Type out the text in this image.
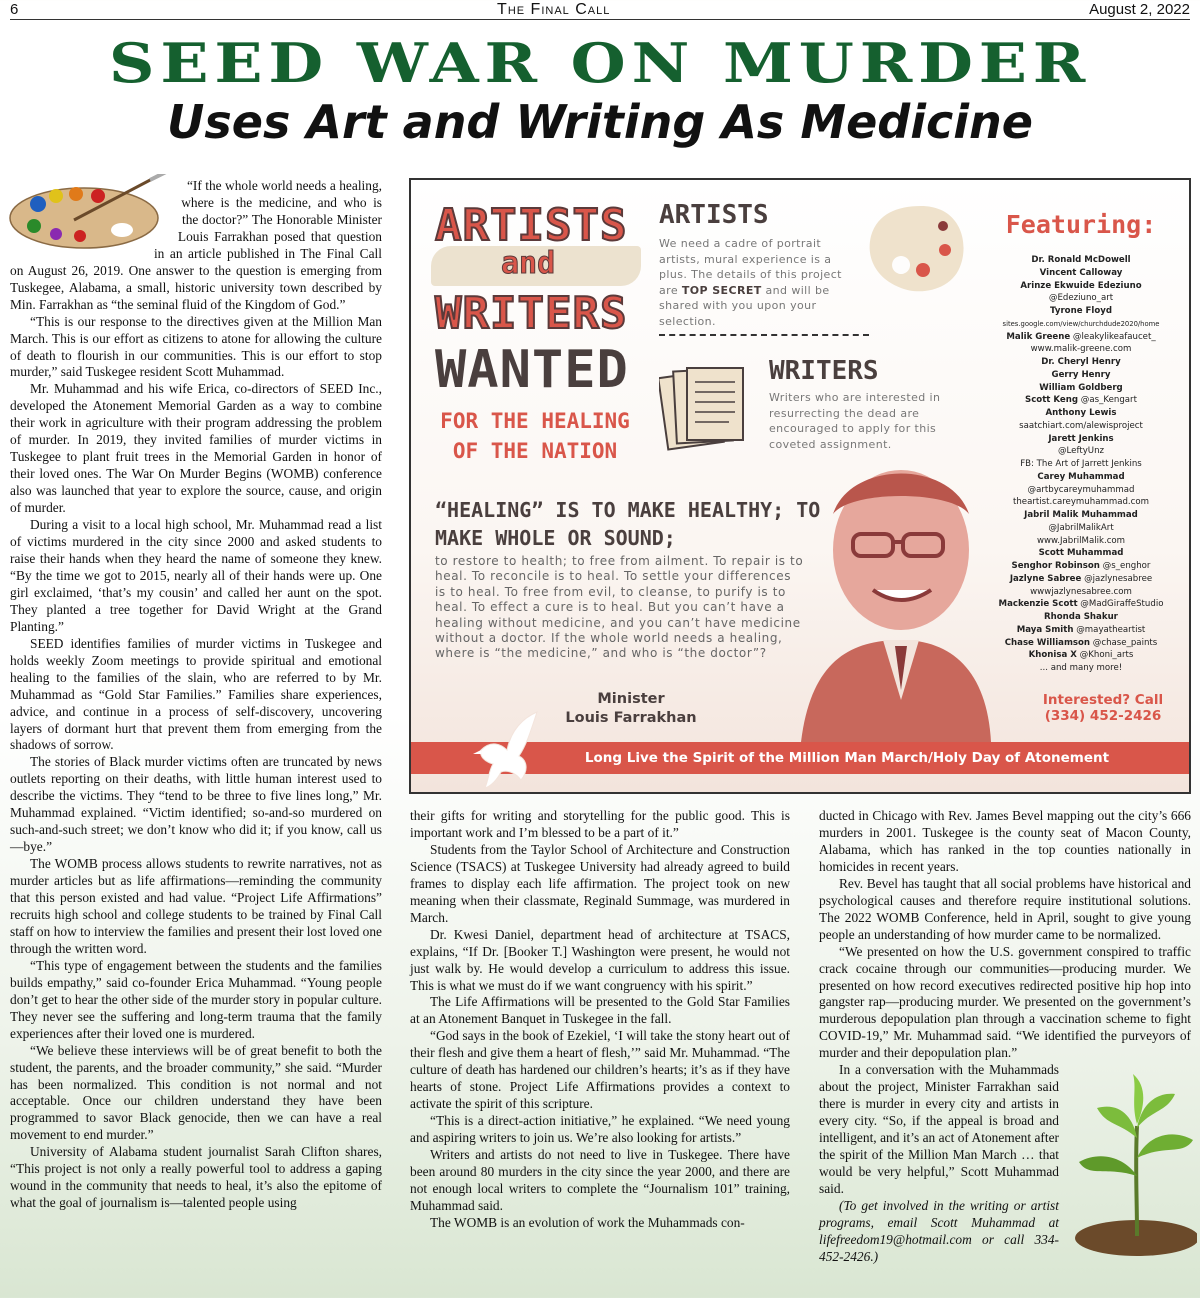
6	The Final Call	August 2, 2022
SEED WAR ON MURDER
Uses Art and Writing As Medicine

“If the whole world needs a healing, where is the medicine, and who is the doctor?” The Honorable Minister Louis Farrakhan posed that question in an article published in The Final Call on August 26, 2019. One answer to the question is emerging from Tuskegee, Alabama, a small, historic university town described by Min. Farrakhan as “the seminal fluid of the Kingdom of God.”

“This is our response to the directives given at the Million Man March. This is our effort as citizens to atone for allowing the culture of death to flourish in our communities. This is our effort to stop murder,” said Tuskegee resident Scott Muhammad.

Mr. Muhammad and his wife Erica, co-directors of SEED Inc., developed the Atonement Memorial Garden as a way to combine their work in agriculture with their program addressing the problem of murder. In 2019, they invited families of murder victims in Tuskegee to plant fruit trees in the Memorial Garden in honor of their loved ones. The War On Murder Begins (WOMB) conference also was launched that year to explore the source, cause, and origin of murder.

During a visit to a local high school, Mr. Muhammad read a list of victims murdered in the city since 2000 and asked students to raise their hands when they heard the name of someone they knew. “By the time we got to 2015, nearly all of their hands were up. One girl exclaimed, ‘that’s my cousin’ and called her aunt on the spot. They planted a tree together for David Wright at the Grand Planting.”

SEED identifies families of murder victims in Tuskegee and holds weekly Zoom meetings to provide spiritual and emotional healing to the families of the slain, who are referred to by Mr. Muhammad as “Gold Star Families.” Families share experiences, advice, and continue in a process of self-discovery, uncovering layers of dormant hurt that prevent them from emerging from the shadows of sorrow.

The stories of Black murder victims often are truncated by news outlets reporting on their deaths, with little human interest used to describe the victims. They “tend to be three to five lines long,” Mr. Muhammad explained. “Victim identified; so-and-so murdered on such-and-such street; we don’t know who did it; if you know, call us—bye.”

The WOMB process allows students to rewrite narratives, not as murder articles but as life affirmations—reminding the community that this person existed and had value. “Project Life Affirmations” recruits high school and college students to be trained by Final Call staff on how to interview the families and present their lost loved one through the written word.

“This type of engagement between the students and the families builds empathy,” said co-founder Erica Muhammad. “Young people don’t get to hear the other side of the murder story in popular culture. They never see the suffering and long-term trauma that the family experiences after their loved one is murdered.

“We believe these interviews will be of great benefit to both the student, the parents, and the broader community,” she said. “Murder has been normalized. This condition is not normal and not acceptable. Once our children understand they have been programmed to savor Black genocide, then we can have a real movement to end murder.”

University of Alabama student journalist Sarah Clifton shares, “This project is not only a really powerful tool to address a gaping wound in the community that needs to heal, it’s also the epitome of what the goal of journalism is—talented people using

their gifts for writing and storytelling for the public good. This is important work and I’m blessed to be a part of it.”

Students from the Taylor School of Architecture and Construction Science (TSACS) at Tuskegee University had already agreed to build frames to display each life affirmation. The project took on new meaning when their classmate, Reginald Summage, was murdered in March.

Dr. Kwesi Daniel, department head of architecture at TSACS, explains, “If Dr. [Booker T.] Washington were present, he would not just walk by. He would develop a curriculum to address this issue. This is what we must do if we want congruency with his spirit.”

The Life Affirmations will be presented to the Gold Star Families at an Atonement Banquet in Tuskegee in the fall.

“God says in the book of Ezekiel, ‘I will take the stony heart out of their flesh and give them a heart of flesh,’” said Mr. Muhammad. “The culture of death has hardened our children’s hearts; it’s as if they have hearts of stone. Project Life Affirmations provides a context to activate the spirit of this scripture.

“This is a direct-action initiative,” he explained. “We need young and aspiring writers to join us. We’re also looking for artists.”

Writers and artists do not need to live in Tuskegee. There have been around 80 murders in the city since the year 2000, and there are not enough local writers to complete the “Journalism 101” training, Muhammad said.

The WOMB is an evolution of work the Muhammads con-

ducted in Chicago with Rev. James Bevel mapping out the city’s 666 murders in 2001. Tuskegee is the county seat of Macon County, Alabama, which has ranked in the top counties nationally in homicides in recent years.

Rev. Bevel has taught that all social problems have historical and psychological causes and therefore require institutional solutions. The 2022 WOMB Conference, held in April, sought to give young people an understanding of how murder came to be normalized.

“We presented on how the U.S. government conspired to traffic crack cocaine through our communities—producing murder. We presented on how record executives redirected positive hip hop into gangster rap—producing murder. We presented on the government’s murderous depopulation plan through a vaccination scheme to fight COVID-19,” Mr. Muhammad said. “We identified the purveyors of murder and their depopulation plan.”

In a conversation with the Muhammads about the project, Minister Farrakhan said there is murder in every city and artists in every city. “So, if the appeal is broad and intelligent, and it’s an act of Atonement after the spirit of the Million Man March … that would be very helpful,” Scott Muhammad said.

(To get involved in the writing or artist programs, email Scott Muhammad at lifefreedom19@hotmail.com or call 334-452-2426.)

ARTISTS
and
WRITERS
WANTED
FOR THE HEALING OF THE NATION
ARTISTS
We need a cadre of portrait artists, mural experience is a plus. The details of this project are TOP SECRET and will be shared with you upon your selection.
WRITERS
Writers who are interested in resurrecting the dead are encouraged to apply for this coveted assignment.
“HEALING” IS TO MAKE HEALTHY; TO MAKE WHOLE OR SOUND;
to restore to health; to free from ailment. To repair is to heal. To reconcile is to heal. To settle your differences is to heal. To free from evil, to cleanse, to purify is to heal. To effect a cure is to heal. But you can’t have a healing without medicine, and you can’t have medicine without a doctor. If the whole world needs a healing, where is “the medicine,” and who is “the doctor”?
Minister
Louis Farrakhan
Featuring:
Dr. Ronald McDowell
Vincent Calloway
Arinze Ekwuide Edeziuno
@Edeziuno_art
Tyrone Floyd
sites.google.com/view/churchdude2020/home
Malik Greene @leakylikeafaucet_
www.malik-greene.com
Dr. Cheryl Henry
Gerry Henry
William Goldberg
Scott Keng @as_Kengart
Anthony Lewis
saatchiart.com/alewisproject
Jarett Jenkins
@LeftyUnz
FB: The Art of Jarrett Jenkins
Carey Muhammad
@artbycareymuhammad
theartist.careymuhammad.com
Jabril Malik Muhammad
@JabrilMalikArt
www.JabrilMalik.com
Scott Muhammad
Senghor Robinson @s_enghor
Jazlyne Sabree @jazlynesabree
wwwjazlynesabree.com
Mackenzie Scott @MadGiraffeStudio
Rhonda Shakur
Maya Smith @mayatheartist
Chase Williamson @chase_paints
Khonisa X @Khoni_arts
... and many more!
Interested? Call
(334) 452-2426
Long Live the Spirit of the Million Man March/Holy Day of Atonement
